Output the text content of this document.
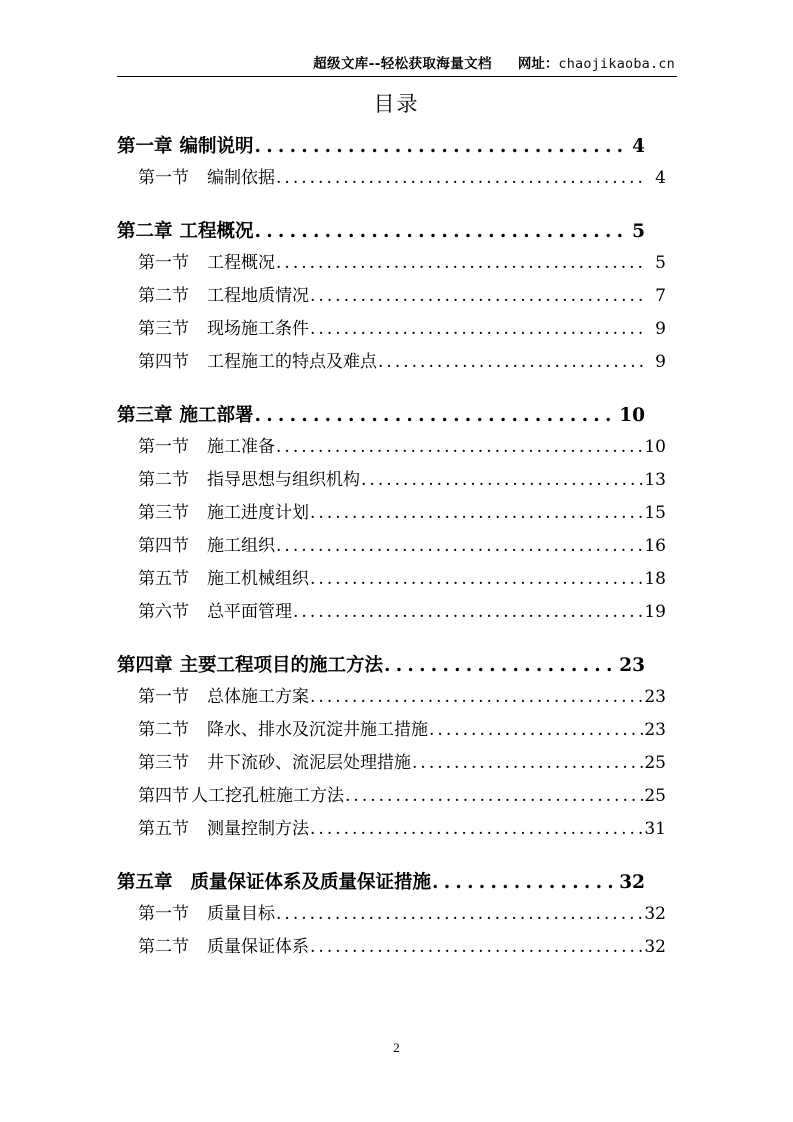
超级文库--轻松获取海量文档 网址： chaojikaoba.cn
目录
第一章 编制说明 . . .	4
第一节 编制依据 . . .	4
第二章 工程概况 . . .	5
第一节 工程概况 . . .	5
第二节 工程地质情况 . . .	7
第三节 现场施工条件 . . .	9
第四节 工程施工的特点及难点 . . .	9
第三章 施工部署 . . .	10
第一节 施工准备 . . .	10
第二节 指导思想与组织机构 . . .	13
第三节 施工进度计划 . . .	15
第四节 施工组织 . . .	16
第五节 施工机械组织 . . .	18
第六节 总平面管理 . . .	19
第四章 主要工程项目的施工方法 . . .	23
第一节 总体施工方案 . . .	23
第二节 降水、排水及沉淀井施工措施 . . .	23
第三节 井下流砂、流泥层处理措施 . . .	25
第四节 人工挖孔桩施工方法 . . .	25
第五节 测量控制方法 . . .	31
第五章 质量保证体系及质量保证措施 . . .	32
第一节 质量目标 . . .	32
第二节 质量保证体系 . . .	32
2
